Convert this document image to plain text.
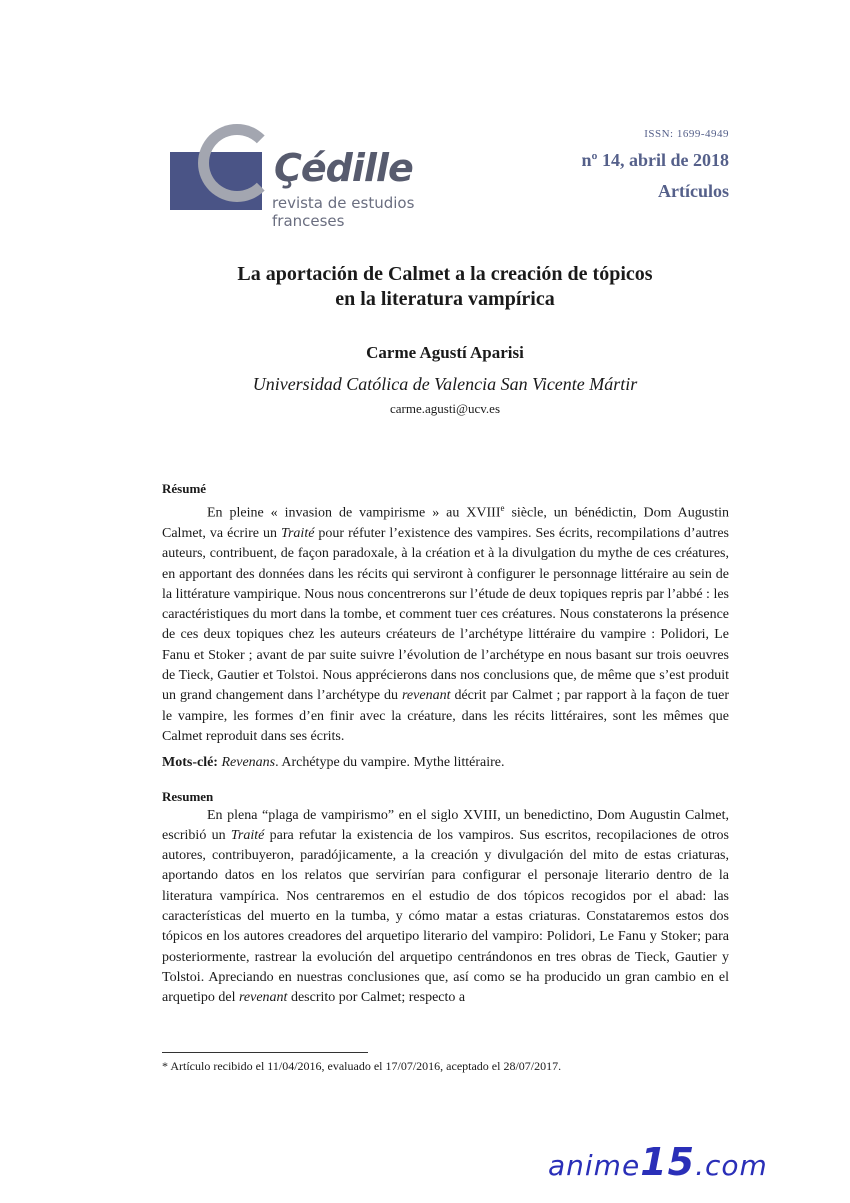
Çédille
revista de estudios franceses
ISSN: 1699-4949
nº 14, abril de 2018
Artículos
La aportación de Calmet a la creación de tópicos
en la literatura vampírica
Carme Agustí Aparisi
Universidad Católica de Valencia San Vicente Mártir
carme.agusti@ucv.es
Résumé

En pleine « invasion de vampirisme » au XVIIIe siècle, un bénédictin, Dom Augustin Calmet, va écrire un Traité pour réfuter l’existence des vampires. Ses écrits, recompilations d’autres auteurs, contribuent, de façon paradoxale, à la création et à la divulgation du mythe de ces créatures, en apportant des données dans les récits qui serviront à configurer le personnage littéraire au sein de la littérature vampirique. Nous nous concentrerons sur l’étude de deux topiques repris par l’abbé : les caractéristiques du mort dans la tombe, et comment tuer ces créatures. Nous constaterons la présence de ces deux topiques chez les auteurs créateurs de l’archétype littéraire du vampire : Polidori, Le Fanu et Stoker ; avant de par suite suivre l’évolution de l’archétype en nous basant sur trois oeuvres de Tieck, Gautier et Tolstoi. Nous apprécierons dans nos conclusions que, de même que s’est produit un grand changement dans l’archétype du revenant décrit par Calmet ; par rapport à la façon de tuer le vampire, les formes d’en finir avec la créature, dans les récits littéraires, sont les mêmes que Calmet reproduit dans ses écrits.

Mots-clé: Revenans. Archétype du vampire. Mythe littéraire.
Resumen

En plena “plaga de vampirismo” en el siglo XVIII, un benedictino, Dom Augustin Calmet, escribió un Traité para refutar la existencia de los vampiros. Sus escritos, recopilaciones de otros autores, contribuyeron, paradójicamente, a la creación y divulgación del mito de estas criaturas, aportando datos en los relatos que servirían para configurar el personaje literario dentro de la literatura vampírica. Nos centraremos en el estudio de dos tópicos recogidos por el abad: las características del muerto en la tumba, y cómo matar a estas criaturas. Constataremos estos dos tópicos en los autores creadores del arquetipo literario del vampiro: Polidori, Le Fanu y Stoker; para posteriormente, rastrear la evolución del arquetipo centrándonos en tres obras de Tieck, Gautier y Tolstoi. Apreciando en nuestras conclusiones que, así como se ha producido un gran cambio en el arquetipo del revenant descrito por Calmet; respecto a

* Artículo recibido el 11/04/2016, evaluado el 17/07/2016, aceptado el 28/07/2017.
anime15.com
